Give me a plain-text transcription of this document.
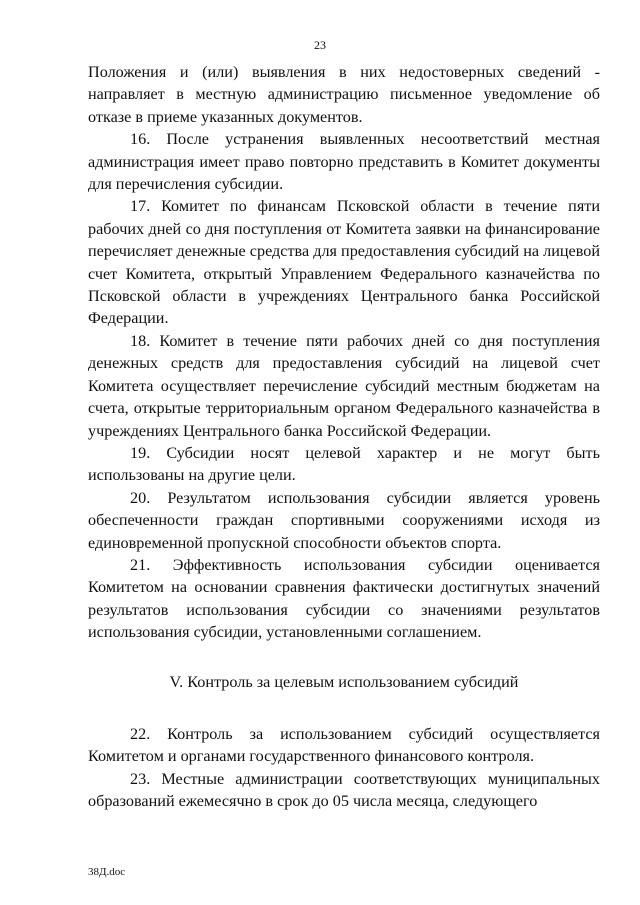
23

Положения и (или) выявления в них недостоверных сведений - направляет в местную администрацию письменное уведомление об отказе в приеме указанных документов.

16. После устранения выявленных несоответствий местная администрация имеет право повторно представить в Комитет документы для перечисления субсидии.

17. Комитет по финансам Псковской области в течение пяти рабочих дней со дня поступления от Комитета заявки на финансирование перечисляет денежные средства для предоставления субсидий на лицевой счет Комитета, открытый Управлением Федерального казначейства по Псковской области в учреждениях Центрального банка Российской Федерации.

18. Комитет в течение пяти рабочих дней со дня поступления денежных средств для предоставления субсидий на лицевой счет Комитета осуществляет перечисление субсидий местным бюджетам на счета, открытые территориальным органом Федерального казначейства в учреждениях Центрального банка Российской Федерации.

19. Субсидии носят целевой характер и не могут быть использованы на другие цели.

20. Результатом использования субсидии является уровень обеспеченности граждан спортивными сооружениями исходя из единовременной пропускной способности объектов спорта.

21. Эффективность использования субсидии оценивается Комитетом на основании сравнения фактически достигнутых значений результатов использования субсидии со значениями результатов использования субсидии, установленными соглашением.

V. Контроль за целевым использованием субсидий

22. Контроль за использованием субсидий осуществляется Комитетом и органами государственного финансового контроля.

23. Местные администрации соответствующих муниципальных образований ежемесячно в срок до 05 числа месяца, следующего

38Д.doc
